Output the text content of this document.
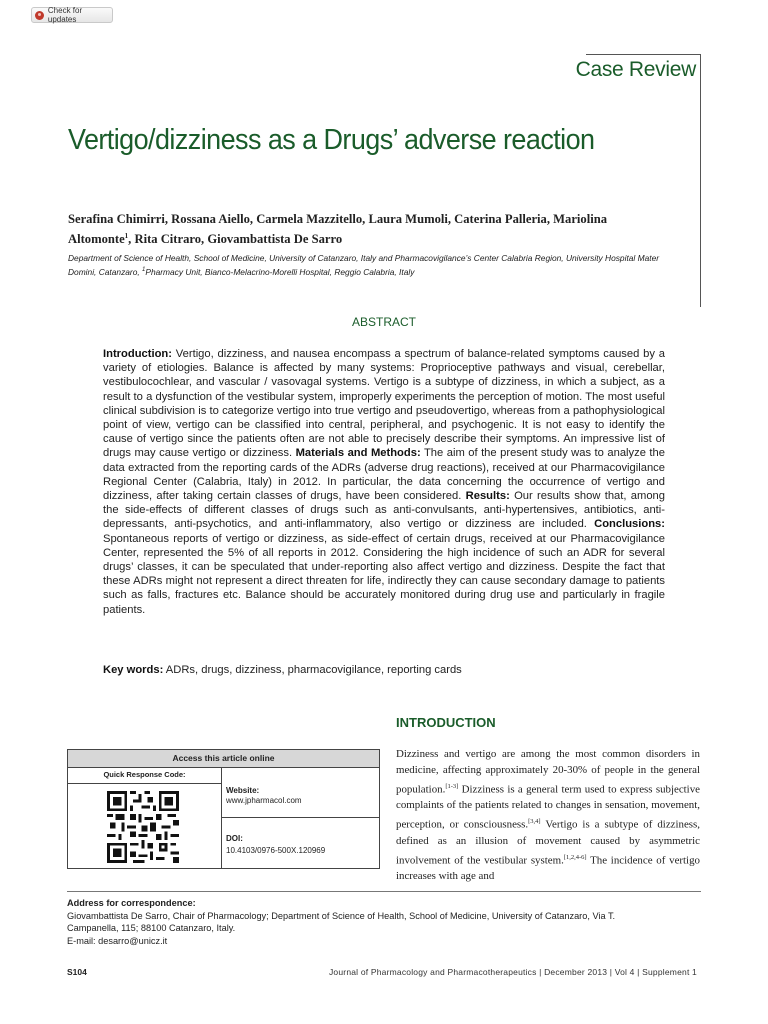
Check for updates
Case Review
Vertigo/dizziness as a Drugs’ adverse reaction
Serafina Chimirri, Rossana Aiello, Carmela Mazzitello, Laura Mumoli, Caterina Palleria, Mariolina
Altomonte$^1$, Rita Citraro, Giovambattista De Sarro
Department of Science of Health, School of Medicine, University of Catanzaro, Italy and Pharmacovigilance’s Center Calabria Region, University Hospital Mater Domini, Catanzaro, $^1$Pharmacy Unit, Bianco-Melacrino-Morelli Hospital, Reggio Calabria, Italy
ABSTRACT
Introduction: Vertigo, dizziness, and nausea encompass a spectrum of balance-related symptoms caused by a variety of etiologies. Balance is affected by many systems: Proprioceptive pathways and visual, cerebellar, vestibulocochlear, and vascular / vasovagal systems. Vertigo is a subtype of dizziness, in which a subject, as a result to a dysfunction of the vestibular system, improperly experiments the perception of motion. The most useful clinical subdivision is to categorize vertigo into true vertigo and pseudovertigo, whereas from a pathophysiological point of view, vertigo can be classified into central, peripheral, and psychogenic. It is not easy to identify the cause of vertigo since the patients often are not able to precisely describe their symptoms. An impressive list of drugs may cause vertigo or dizziness. Materials and Methods: The aim of the present study was to analyze the data extracted from the reporting cards of the ADRs (adverse drug reactions), received at our Pharmacovigilance Regional Center (Calabria, Italy) in 2012. In particular, the data concerning the occurrence of vertigo and dizziness, after taking certain classes of drugs, have been considered. Results: Our results show that, among the side-effects of different classes of drugs such as anti-convulsants, anti-hypertensives, antibiotics, anti-depressants, anti-psychotics, and anti-inflammatory, also vertigo or dizziness are included. Conclusions: Spontaneous reports of vertigo or dizziness, as side-effect of certain drugs, received at our Pharmacovigilance Center, represented the 5% of all reports in 2012. Considering the high incidence of such an ADR for several drugs’ classes, it can be speculated that under-reporting also affect vertigo and dizziness. Despite the fact that these ADRs might not represent a direct threaten for life, indirectly they can cause secondary damage to patients such as falls, fractures etc. Balance should be accurately monitored during drug use and particularly in fragile patients.
Key words: ADRs, drugs, dizziness, pharmacovigilance, reporting cards
INTRODUCTION
Dizziness and vertigo are among the most common disorders in medicine, affecting approximately 20-30% of people in the general population.[1-3] Dizziness is a general term used to express subjective complaints of the patients related to changes in sensation, movement, perception, or consciousness.[3,4] Vertigo is a subtype of dizziness, defined as an illusion of movement caused by asymmetric involvement of the vestibular system.[1,2,4-6] The incidence of vertigo increases with age and
Access this article online
Quick Response Code:
Website:
www.jpharmacol.com
DOI:
10.4103/0976-500X.120969
Address for correspondence:
Giovambattista De Sarro, Chair of Pharmacology; Department of Science of Health, School of Medicine, University of Catanzaro, Via T.
Campanella, 115; 88100 Catanzaro, Italy.
E-mail: desarro@unicz.it
S104	Journal of Pharmacology and Pharmacotherapeutics | December 2013 | Vol 4 | Supplement 1
